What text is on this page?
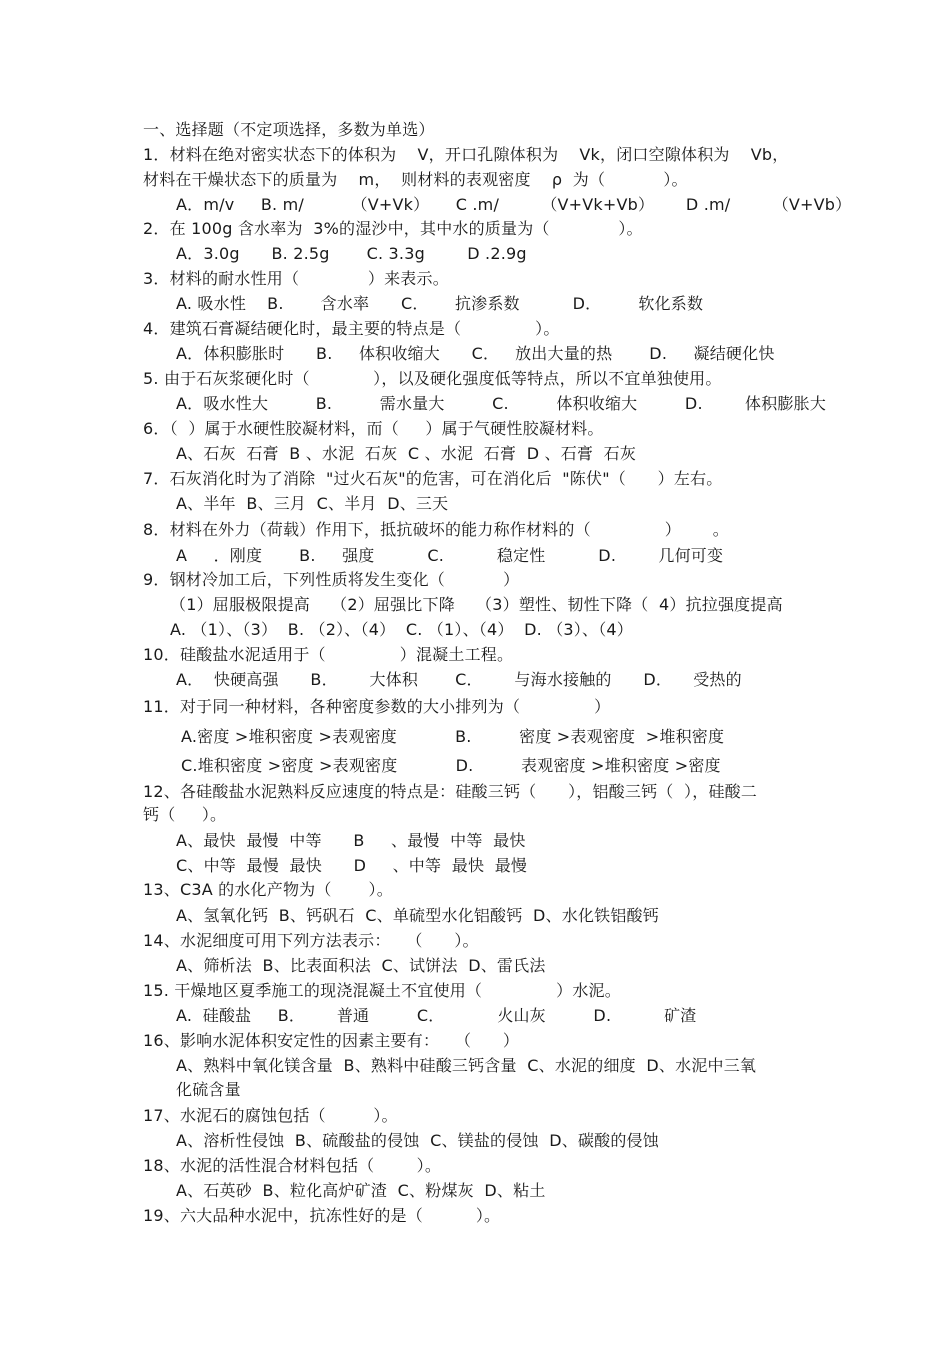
一、选择题（不定项选择，多数为单选）
1．材料在绝对密实状态下的体积为    V，开口孔隙体积为    Vk，闭口空隙体积为    Vb，
材料在干燥状态下的质量为    m，  则材料的表观密度    ρ  为（           ）。
A．m/v     B. m/         （V+Vk）     C .m/        （V+Vk+Vb）      D .m/        （V+Vb）
2．在 100g 含水率为  3%的湿沙中，其中水的质量为（             ）。
A．3.0g      B. 2.5g       C. 3.3g        D .2.9g
3．材料的耐水性用（             ）来表示。
A. 吸水性    B.       含水率      C．     抗渗系数          D．       软化系数
4．建筑石膏凝结硬化时，最主要的特点是（              ）。
A．体积膨胀时      B.     体积收缩大      C．   放出大量的热       D.     凝结硬化快
5. 由于石灰浆硬化时（            ），以及硬化强度低等特点，所以不宜单独使用。
A．吸水性大         B.         需水量大         C.         体积收缩大         D.        体积膨胀大
6．（  ）属于水硬性胶凝材料，而（     ）属于气硬性胶凝材料。
A、石灰  石膏  B 、水泥  石灰  C 、水泥  石膏  D 、石膏  石灰
7．石灰消化时为了消除  "过火石灰"的危害，可在消化后  "陈伏"（      ）左右。
A、半年  B、三月  C、半月  D、三天
8．材料在外力（荷载）作用下，抵抗破坏的能力称作材料的（              ）      。
A     ．刚度       B.     强度          C.          稳定性          D.        几何可变
9．钢材冷加工后，下列性质将发生变化（           ）
（1）屈服极限提高    （2）屈强比下降    （3）塑性、韧性下降（  4）抗拉强度提高
A. （1）、（3）  B. （2）、（4）  C. （1）、（4）  D. （3）、（4）
10．硅酸盐水泥适用于（              ）混凝土工程。
A．  快硬高强      B．      大体积       C．      与海水接触的      D．    受热的
11．对于同一种材料，各种密度参数的大小排列为（              ）
A.密度 >堆积密度 >表观密度           B.         密度 >表观密度  >堆积密度
C.堆积密度 >密度 >表观密度           D.         表观密度 >堆积密度 >密度
12、各硅酸盐水泥熟料反应速度的特点是：硅酸三钙（      ），铝酸三钙（  ），硅酸二
钙（     ）。
A、最快  最慢  中等      B     、最慢  中等  最快
C、中等  最慢  最快      D     、中等  最快  最慢
13、C3A 的水化产物为（       ）。
A、氢氧化钙  B、钙矾石  C、单硫型水化铝酸钙  D、水化铁铝酸钙
14、水泥细度可用下列方法表示：   （      ）。
A、筛析法  B、比表面积法  C、试饼法  D、雷氏法
15. 干燥地区夏季施工的现浇混凝土不宜使用（              ）水泥。
A.  硅酸盐     B．      普通         C．          火山灰         D.          矿渣
16、影响水泥体积安定性的因素主要有：   （      ）
A、熟料中氧化镁含量  B、熟料中硅酸三钙含量  C、水泥的细度  D、水泥中三氧
化硫含量
17、水泥石的腐蚀包括（         ）。
A、溶析性侵蚀  B、硫酸盐的侵蚀  C、镁盐的侵蚀  D、碳酸的侵蚀
18、水泥的活性混合材料包括（        ）。
A、石英砂  B、粒化高炉矿渣  C、粉煤灰  D、粘土
19、六大品种水泥中，抗冻性好的是（          ）。
